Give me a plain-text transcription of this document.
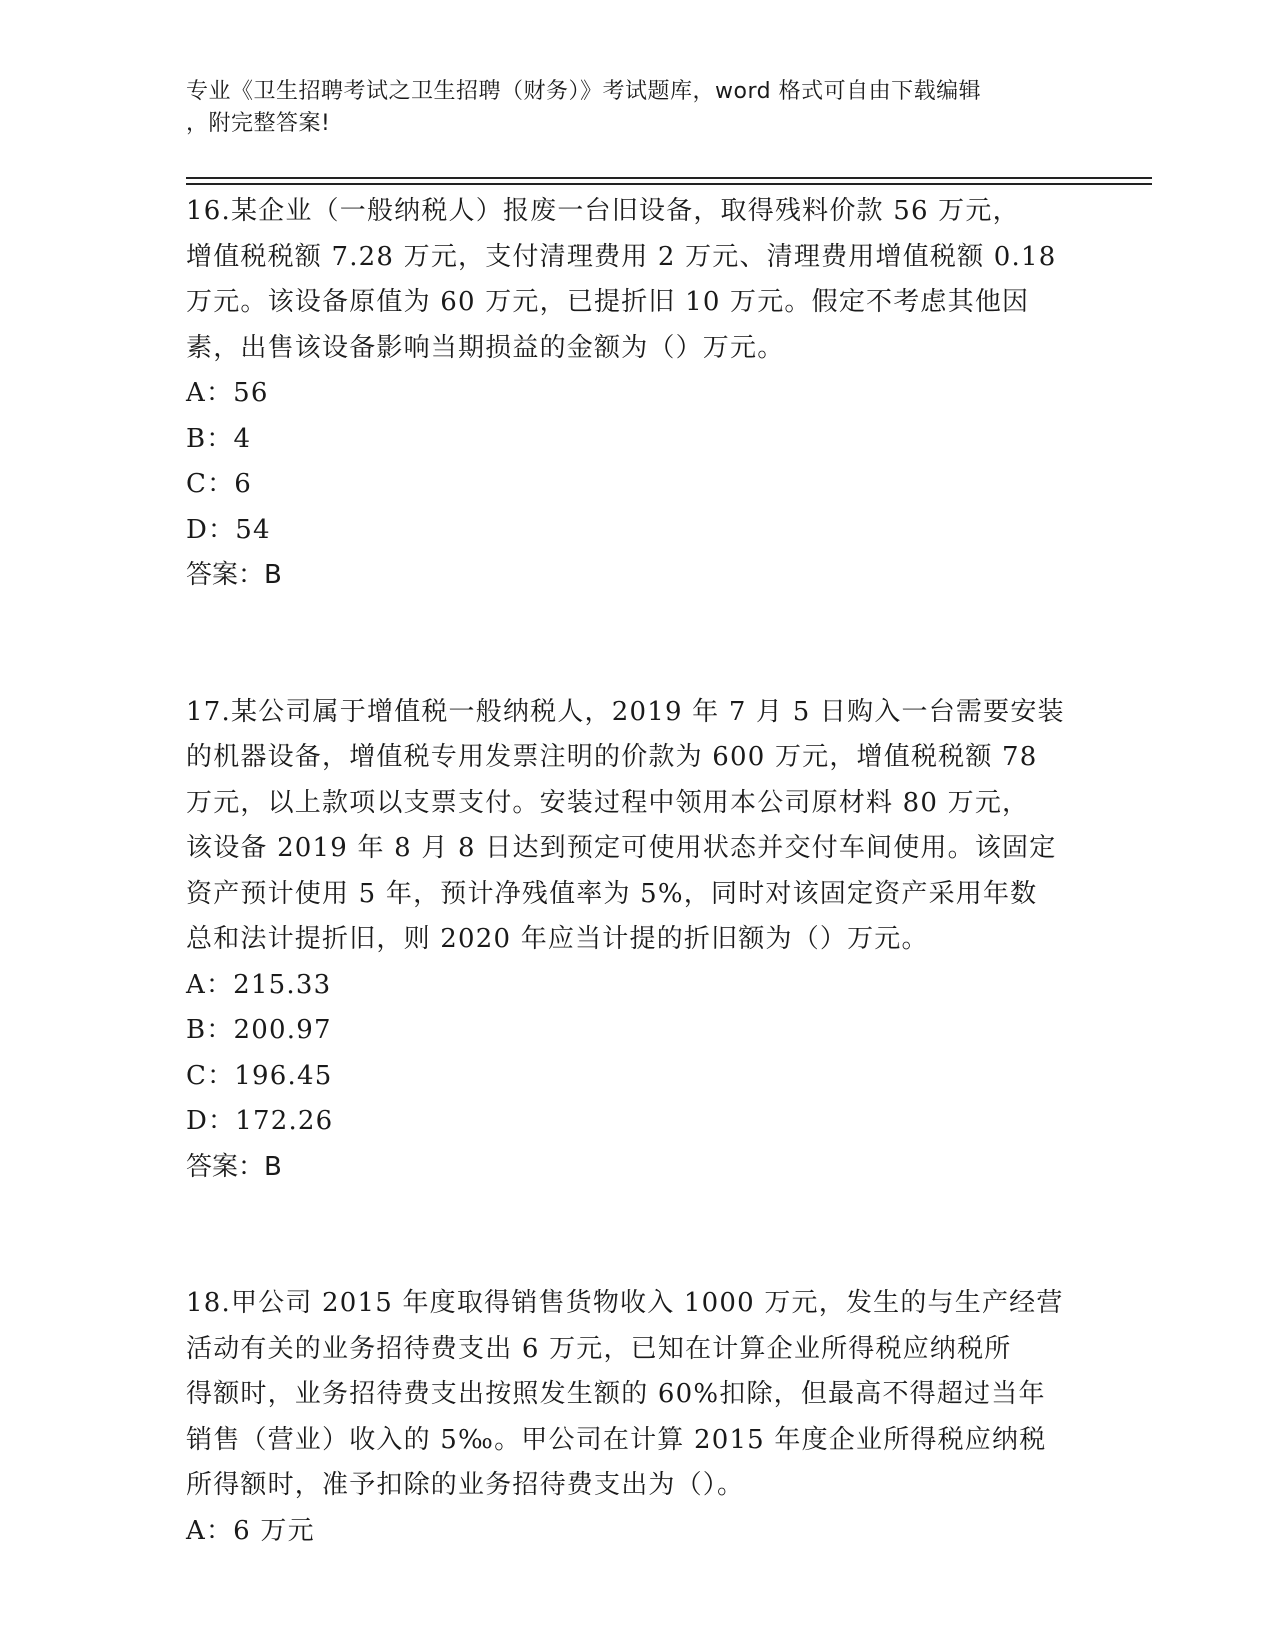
专业《卫生招聘考试之卫生招聘（财务）》考试题库，word 格式可自由下载编辑
，附完整答案!
16.某企业（一般纳税人）报废一台旧设备，取得残料价款 56 万元，
增值税税额 7.28 万元，支付清理费用 2 万元、清理费用增值税额 0.18
万元。该设备原值为 60 万元，已提折旧 10 万元。假定不考虑其他因
素，出售该设备影响当期损益的金额为（）万元。
A：56
B：4
C：6
D：54
答案：B
17.某公司属于增值税一般纳税人，2019 年 7 月 5 日购入一台需要安装
的机器设备，增值税专用发票注明的价款为 600 万元，增值税税额 78
万元，以上款项以支票支付。安装过程中领用本公司原材料 80 万元，
该设备 2019 年 8 月 8 日达到预定可使用状态并交付车间使用。该固定
资产预计使用 5 年，预计净残值率为 5%，同时对该固定资产采用年数
总和法计提折旧，则 2020 年应当计提的折旧额为（）万元。
A：215.33
B：200.97
C：196.45
D：172.26
答案：B
18.甲公司 2015 年度取得销售货物收入 1000 万元，发生的与生产经营
活动有关的业务招待费支出 6 万元，已知在计算企业所得税应纳税所
得额时，业务招待费支出按照发生额的 60%扣除，但最高不得超过当年
销售（营业）收入的 5‰。甲公司在计算 2015 年度企业所得税应纳税
所得额时，准予扣除的业务招待费支出为（）。
A：6 万元
